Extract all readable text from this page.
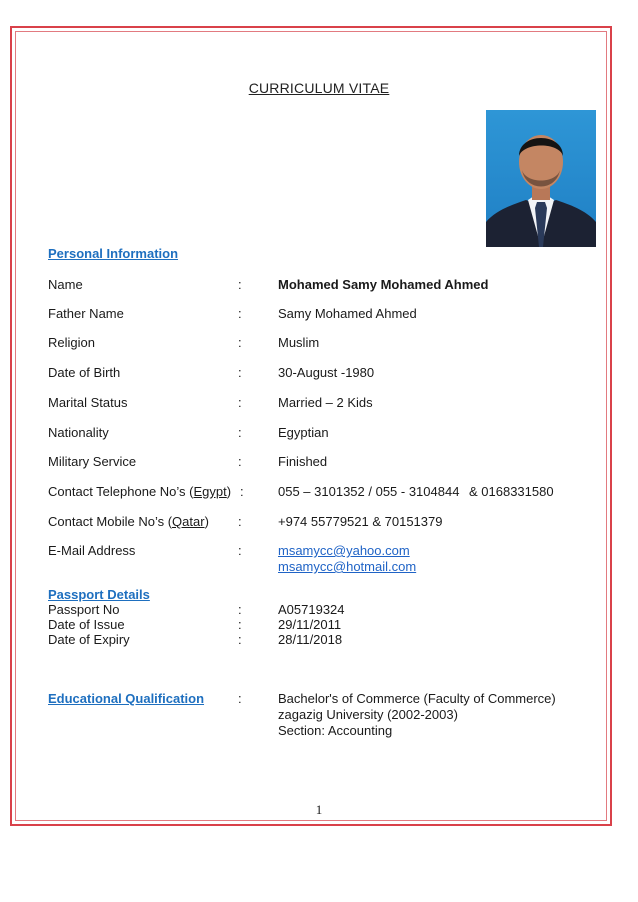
CURRICULUM VITAE
Personal Information
Name	:	Mohamed Samy Mohamed Ahmed
Father Name	:	Samy Mohamed Ahmed
Religion	:	Muslim
Date of Birth	:	30-August -1980
Marital Status	:	Married – 2 Kids
Nationality	:	Egyptian
Military Service	:	Finished
Contact Telephone No’s (Egypt) :	055 – 3101352 / 055 - 3104844 & 0168331580
Contact Mobile No’s (Qatar) :	+974 55779521 & 70151379
E-Mail Address	:	msamycc@yahoo.com
msamycc@hotmail.com
Passport Details
Passport No	:	A05719324
Date of Issue	:	29/11/2011
Date of Expiry	:	28/11/2018
Educational Qualification	:	Bachelor's of Commerce (Faculty of Commerce)
zagazig University (2002-2003)
Section: Accounting
1
